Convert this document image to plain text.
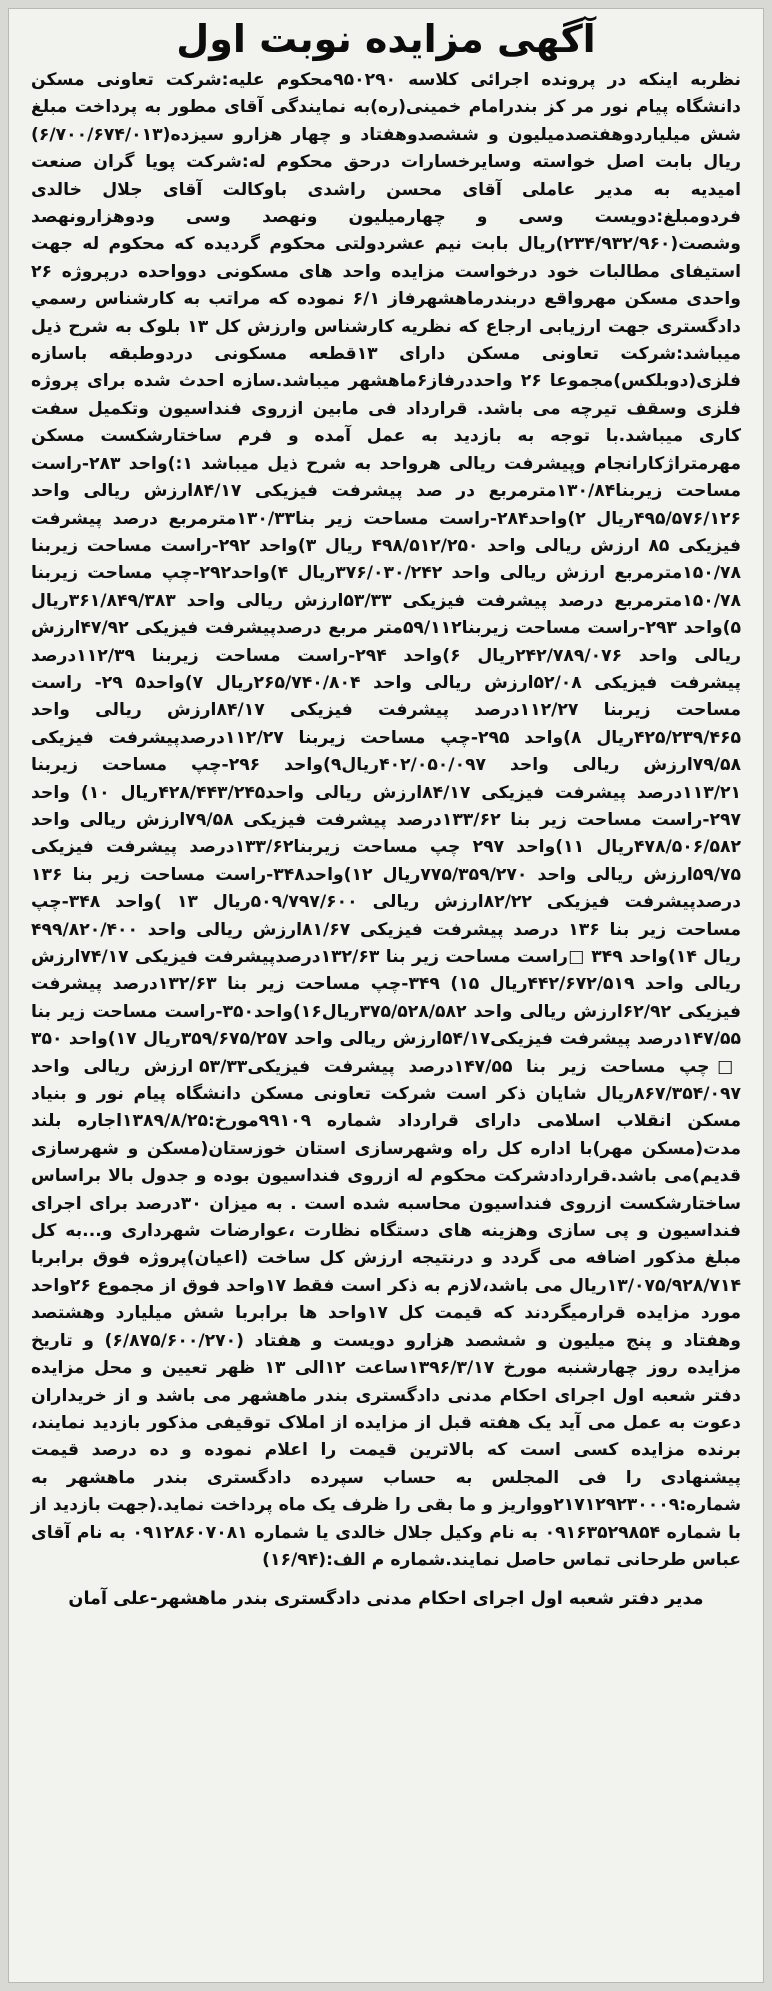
آگهی مزایده نوبت اول

نظربه اینکه در پرونده اجرائی کلاسه ۹۵۰۲۹۰محکوم علیه:شرکت تعاونی مسکن دانشگاه پیام نور مر کز بندرامام خمینی(ره)به نمایندگی آقای مطور به پرداخت مبلغ شش میلیاردوهفتصدمیلیون و ششصدوهفتاد و چهار هزارو سیزده(۶/۷۰۰/۶۷۴/۰۱۳) ریال بابت اصل خواسته وسایرخسارات درحق محکوم له:شرکت پویا گران صنعت امیدیه به مدیر عاملی آقای محسن راشدی باوکالت آقای جلال خالدی فردومبلغ:دویست وسی و چهارمیلیون ونهصد وسی ودوهزارونهصد وشصت(۲۳۴/۹۳۲/۹۶۰)ریال بابت نیم عشردولتی محکوم گردیده که محکوم له جهت استیفای مطالبات خود درخواست مزایده واحد های مسکونی دوواحده درپروژه ۲۶ واحدی مسکن مهرواقع دربندرماهشهرفاز ۶/۱ نموده که مراتب به کارشناس رسمي دادگستری جهت ارزیابی ارجاع که نظریه کارشناس وارزش کل ۱۳ بلوک به شرح ذیل میباشد:شرکت تعاونی مسکن دارای ۱۳قطعه مسکونی دردوطبقه باسازه فلزی(دوبلکس)مجموعا ۲۶ واحددرفاز۶ماهشهر میباشد.سازه احدث شده برای پروژه فلزی وسقف تیرچه می باشد. قرارداد فی مابین ازروی فنداسیون وتکمیل سفت کاری میباشد.با توجه به بازدید به عمل آمده و فرم ساختارشکست مسکن مهرمتراژکارانجام وپیشرفت ریالی هرواحد به شرح ذیل میباشد ۱:)واحد ۲۸۳-راست مساحت زیربنا۱۳۰/۸۴مترمربع در صد پیشرفت فیزیکی ۸۴/۱۷ارزش ریالی واحد ۴۹۵/۵۷۶/۱۲۶ریال ۲)واحد۲۸۴-راست مساحت زیر بنا۱۳۰/۳۳مترمربع درصد پیشرفت فیزیکی ۸۵ ارزش ریالی واحد ۴۹۸/۵۱۲/۲۵۰ ریال ۳)واحد ۲۹۲-راست مساحت زیربنا ۱۵۰/۷۸مترمربع ارزش ریالی واحد ۳۷۶/۰۳۰/۲۴۲ریال ۴)واحد۲۹۲-چپ مساحت زیربنا ۱۵۰/۷۸مترمربع درصد پیشرفت فیزیکی ۵۳/۳۳ارزش ریالی واحد ۳۶۱/۸۴۹/۳۸۳ریال ۵)واحد ۲۹۳-راست مساحت زیربنا۵۹/۱۱۲متر مربع درصدپیشرفت فیزیکی ۴۷/۹۲ارزش ریالی واحد ۲۴۲/۷۸۹/۰۷۶ریال ۶)واحد ۲۹۴-راست مساحت زیربنا ۱۱۲/۳۹درصد پیشرفت فیزیکی ۵۲/۰۸ارزش ریالی واحد ۲۶۵/۷۴۰/۸۰۴ریال ۷)واحد۵ ۲۹- راست مساحت زیربنا ۱۱۲/۲۷درصد پیشرفت فیزیکی ۸۴/۱۷ارزش ریالی واحد ۴۲۵/۲۳۹/۴۶۵ریال ۸)واحد ۲۹۵-چپ مساحت زیربنا ۱۱۲/۲۷درصدپیشرفت فیزیکی ۷۹/۵۸ارزش ریالی واحد ۴۰۲/۰۵۰/۰۹۷ریال۹)واحد ۲۹۶-چپ مساحت زیربنا ۱۱۳/۲۱درصد پیشرفت فیزیکی ۸۴/۱۷ارزش ریالی واحد۴۲۸/۴۴۳/۲۴۵ریال ۱۰) واحد ۲۹۷-راست مساحت زیر بنا ۱۳۳/۶۲درصد پیشرفت فیزیکی ۷۹/۵۸ارزش ریالی واحد ۴۷۸/۵۰۶/۵۸۲ریال ۱۱)واحد ۲۹۷ چپ مساحت زیربنا۱۳۳/۶۲درصد پیشرفت فیزیکی ۵۹/۷۵ارزش ریالی واحد ۷۷۵/۳۵۹/۲۷۰ریال ۱۲)واحد۳۴۸-راست مساحت زیر بنا ۱۳۶ درصدپیشرفت فیزیکی ۸۲/۲۲ارزش ریالی ۵۰۹/۷۹۷/۶۰۰ریال ۱۳ )واحد ۳۴۸-چپ مساحت زیر بنا ۱۳۶ درصد پیشرفت فیزیکی ۸۱/۶۷ارزش ریالی واحد ۴۹۹/۸۲۰/۴۰۰ ریال ۱۴)واحد ۳۴۹ □راست مساحت زیر بنا ۱۳۲/۶۳درصدپیشرفت فیزیکی ۷۴/۱۷ارزش ریالی واحد ۴۴۲/۶۷۲/۵۱۹ریال ۱۵) ۳۴۹-چپ مساحت زیر بنا ۱۳۲/۶۳درصد پیشرفت فیزیکی ۶۲/۹۲ارزش ریالی واحد ۳۷۵/۵۲۸/۵۸۲ریال۱۶)واحد۳۵۰-راست مساحت زیر بنا ۱۴۷/۵۵درصد پیشرفت فیزیکی۵۴/۱۷ارزش ریالی واحد ۳۵۹/۶۷۵/۲۵۷ریال ۱۷)واحد ۳۵۰ □چپ مساحت زیر بنا ۱۴۷/۵۵درصد پیشرفت فیزیکی۵۳/۳۳ ارزش ریالی واحد ۸۶۷/۳۵۴/۰۹۷ریال شایان ذکر است شرکت تعاونی مسکن دانشگاه پیام نور و بنیاد مسکن انقلاب اسلامی دارای قرارداد شماره ۹۹۱۰۹مورخ:۱۳۸۹/۸/۲۵اجاره بلند مدت(مسکن مهر)با اداره کل راه وشهرسازی استان خوزستان(مسکن و شهرسازی قدیم)می باشد.قراردادشرکت محکوم له ازروی فنداسیون بوده و جدول بالا براساس ساختارشکست ازروی فنداسیون محاسبه شده است . به میزان ۳۰درصد برای اجرای فنداسیون و پی سازی وهزینه های دستگاه نظارت ،عوارضات شهرداری و...به کل مبلغ مذکور اضافه می گردد و درنتیجه ارزش کل ساخت (اعیان)پروژه فوق برابربا ۱۳/۰۷۵/۹۲۸/۷۱۴ریال می باشد،لازم به ذکر است فقط ۱۷واحد فوق از مجموع ۲۶واحد مورد مزایده قرارمیگردند که قیمت کل ۱۷واحد ها برابربا شش میلیارد وهشتصد وهفتاد و پنج میلیون و ششصد هزارو دویست و هفتاد (۶/۸۷۵/۶۰۰/۲۷۰) و تاریخ مزایده روز چهارشنبه مورخ ۱۳۹۶/۳/۱۷ساعت ۱۲الی ۱۳ ظهر تعیین و محل مزایده دفتر شعبه اول اجرای احکام مدنی دادگستری بندر ماهشهر می باشد و از خریداران دعوت به عمل می آید یک هفته قبل از مزایده از املاک توقیفی مذکور بازدید نمایند، برنده مزایده کسی است که بالاترین قیمت را اعلام نموده و ده درصد قیمت پیشنهادی را فی المجلس به حساب سپرده دادگستری بندر ماهشهر به شماره:۲۱۷۱۲۹۲۳۰۰۰۹وواریز و ما بقی را ظرف یک ماه پرداخت نماید.(جهت بازدید از با شماره ۰۹۱۶۳۵۲۹۸۵۴ به نام وکیل جلال خالدی یا شماره ۰۹۱۲۸۶۰۷۰۸۱ به نام آقای عباس طرحانی تماس حاصل نمایند.شماره م الف:(۱۶/۹۴)

مدیر دفتر شعبه اول اجرای احکام مدنی دادگستری بندر ماهشهر-علی آمان
